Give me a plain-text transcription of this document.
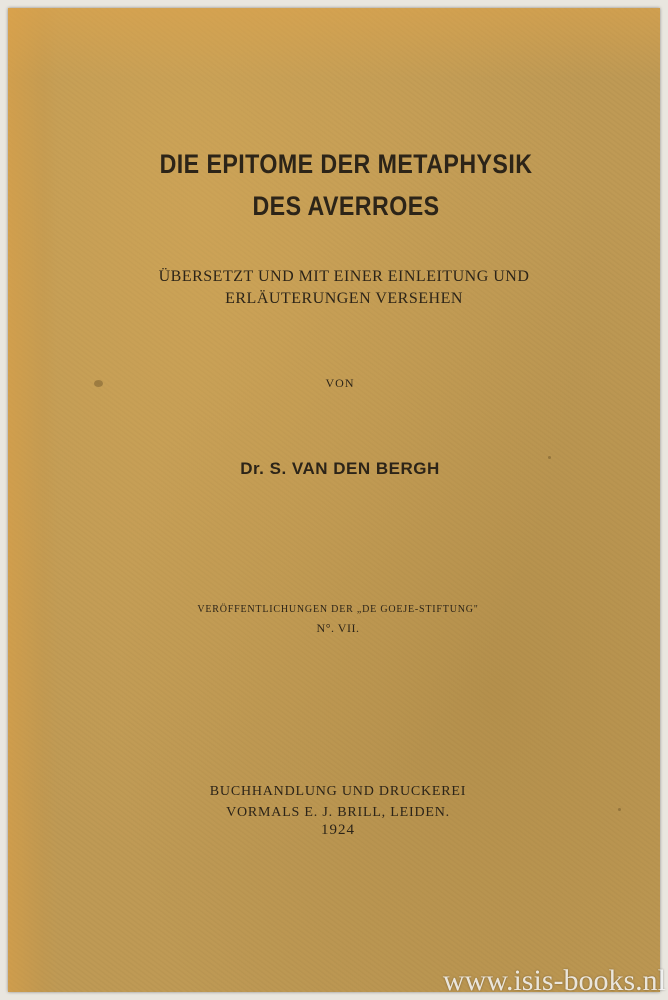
DIE EPITOME DER METAPHYSIK
DES AVERROES
ÜBERSETZT UND MIT EINER EINLEITUNG UND
ERLÄUTERUNGEN VERSEHEN
VON
Dr. S. VAN DEN BERGH
VERÖFFENTLICHUNGEN DER „DE GOEJE-STIFTUNG"
N°. VII.
BUCHHANDLUNG UND DRUCKEREI
VORMALS E. J. BRILL, LEIDEN.
1924
www.isis-books.nl
